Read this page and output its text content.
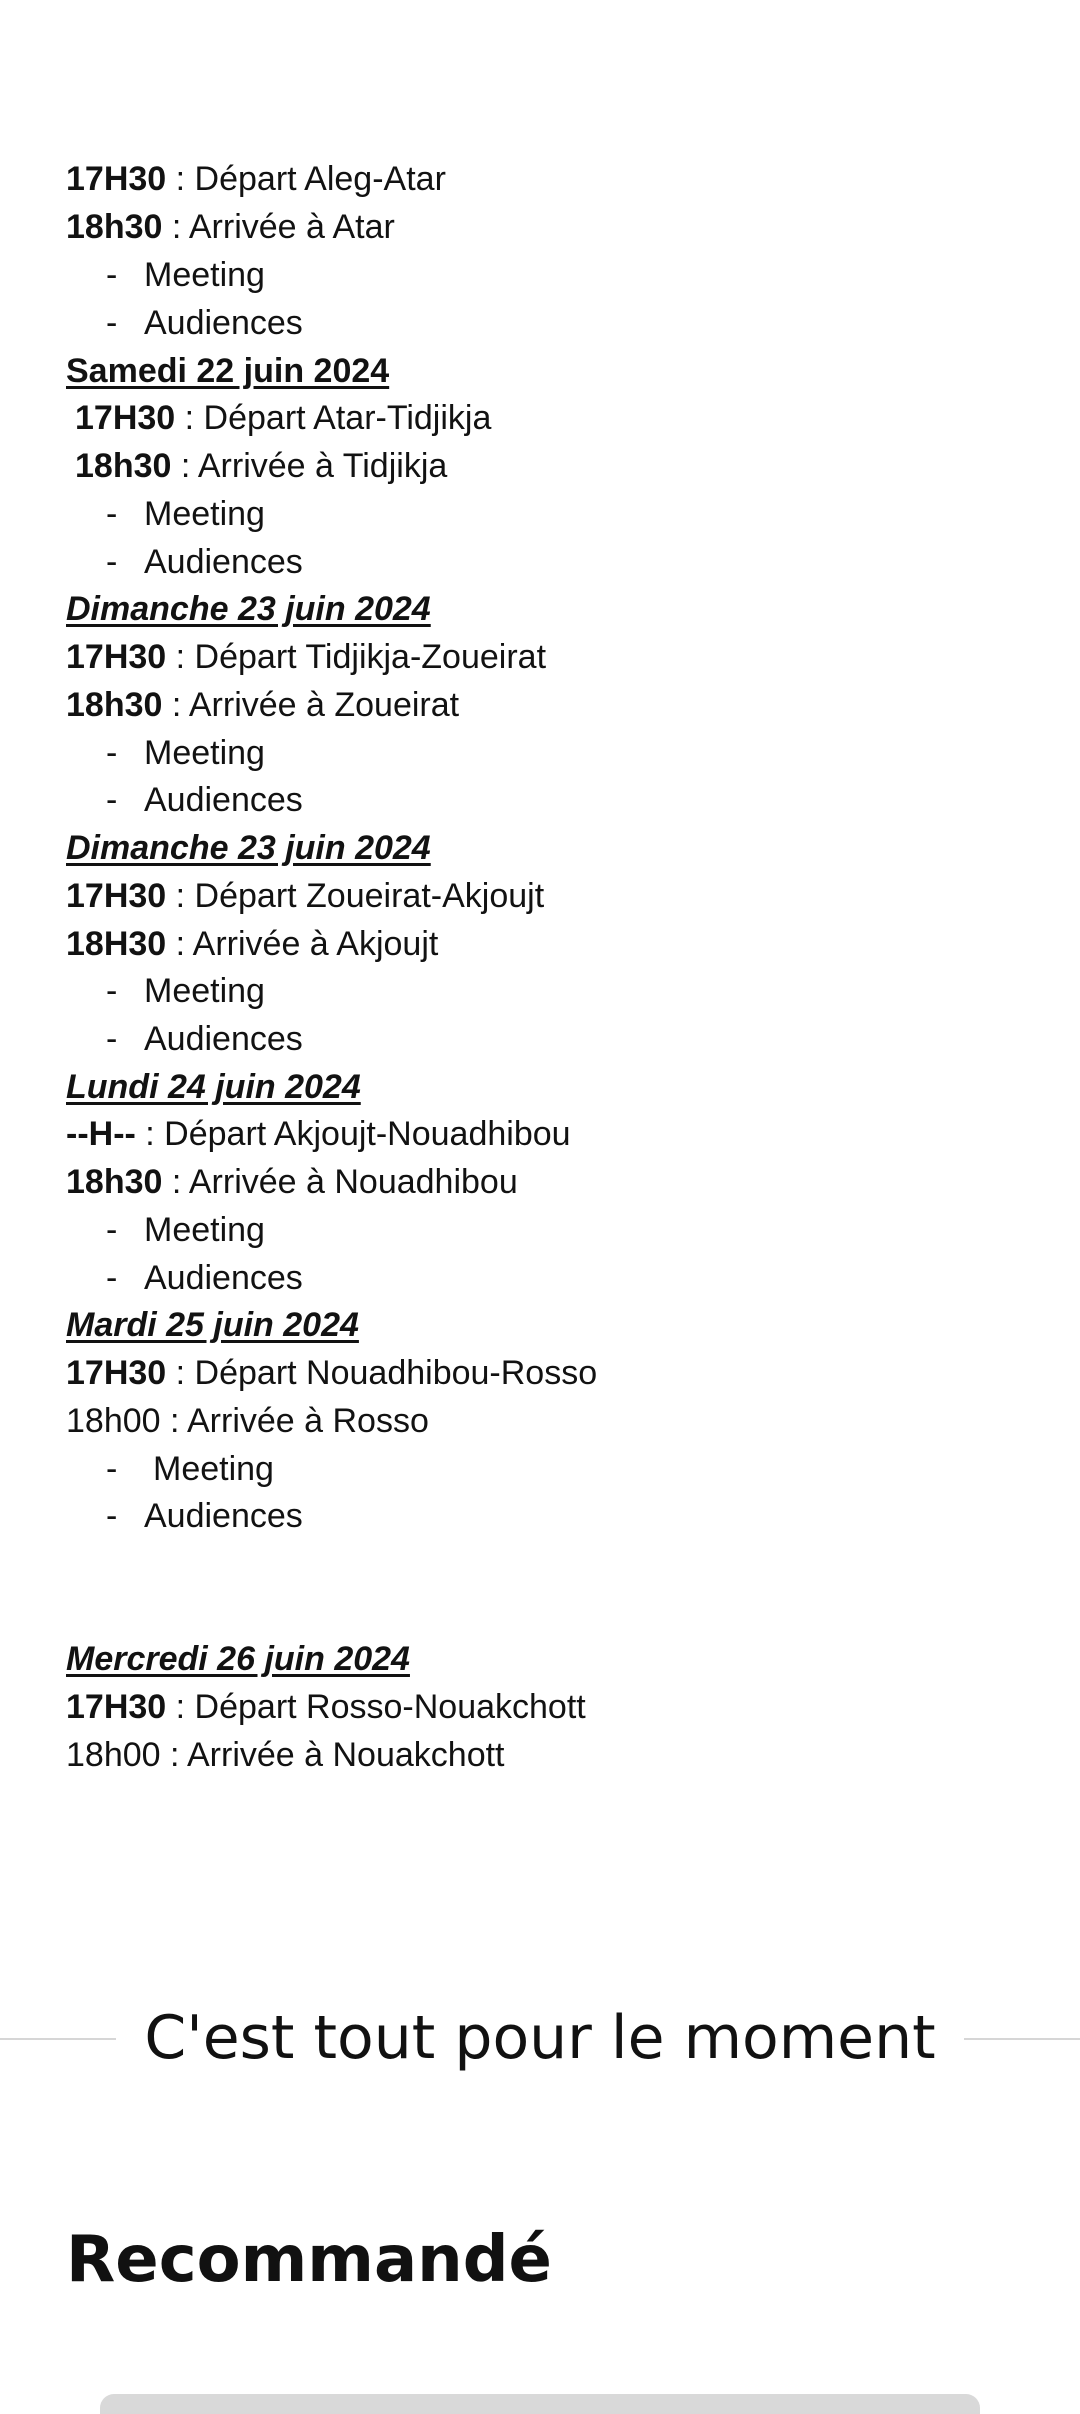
17H30 : Départ Aleg-Atar
18h30 : Arrivée à Atar
- Meeting
- Audiences
Samedi 22 juin 2024
17H30 : Départ Atar-Tidjikja
18h30 : Arrivée à Tidjikja
- Meeting
- Audiences
Dimanche 23 juin 2024
17H30 : Départ Tidjikja-Zoueirat
18h30 : Arrivée à Zoueirat
- Meeting
- Audiences
Dimanche 23 juin 2024
17H30 : Départ Zoueirat-Akjoujt
18H30 : Arrivée à Akjoujt
- Meeting
- Audiences
Lundi 24 juin 2024
--H-- : Départ Akjoujt-Nouadhibou
18h30 : Arrivée à Nouadhibou
- Meeting
- Audiences
Mardi 25 juin 2024
17H30 : Départ Nouadhibou-Rosso
18h00 : Arrivée à Rosso
- Meeting
- Audiences
Mercredi 26 juin 2024
17H30 : Départ Rosso-Nouakchott
18h00 : Arrivée à Nouakchott
C'est tout pour le moment
Recommandé
